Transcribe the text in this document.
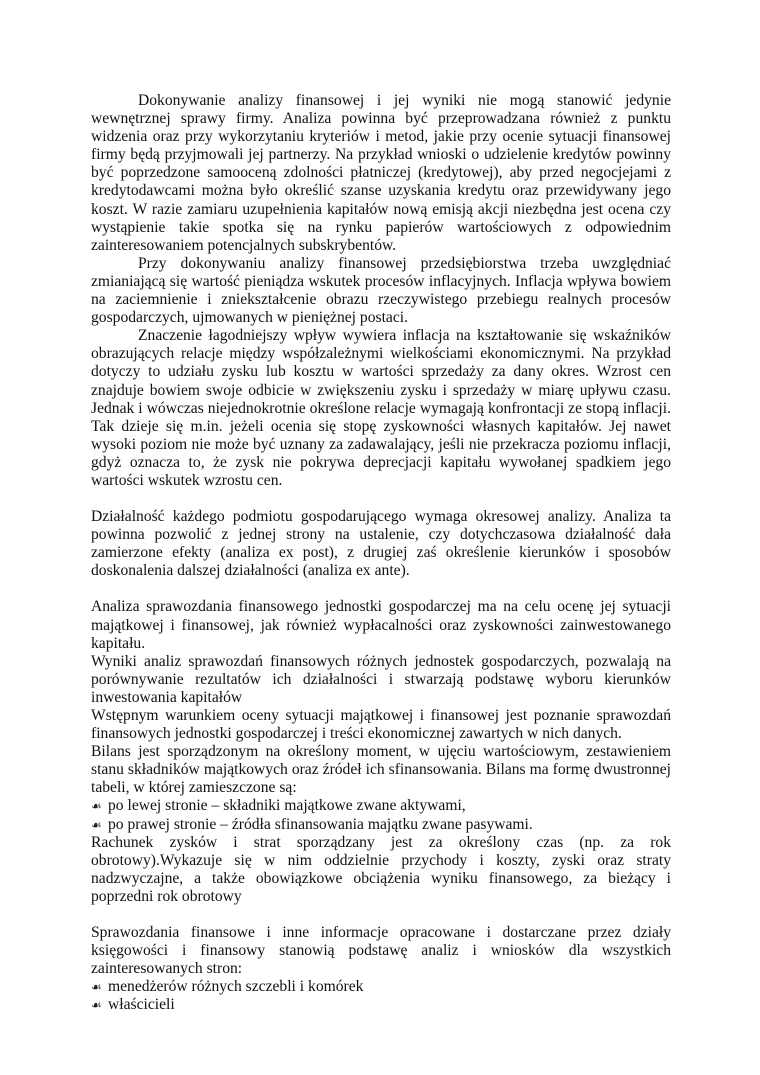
Dokonywanie analizy finansowej i jej wyniki nie mogą stanowić jedynie wewnętrznej sprawy firmy. Analiza powinna być przeprowadzana również z punktu widzenia oraz przy wykorzytaniu kryteriów i metod, jakie przy ocenie sytuacji finansowej firmy będą przyjmowali jej partnerzy. Na przykład wnioski o udzielenie kredytów powinny być poprzedzone samooceną zdolności płatniczej (kredytowej), aby przed negocjejami z kredytodawcami można było określić szanse uzyskania kredytu oraz przewidywany jego koszt. W razie zamiaru uzupełnienia kapitałów nową emisją akcji niezbędna jest ocena czy wystąpienie takie spotka się na rynku papierów wartościowych z odpowiednim zainteresowaniem potencjalnych subskrybentów.

Przy dokonywaniu analizy finansowej przedsiębiorstwa trzeba uwzględniać zmianiającą się wartość pieniądza wskutek procesów inflacyjnych. Inflacja wpływa bowiem na zaciemnienie i zniekształcenie obrazu rzeczywistego przebiegu realnych procesów gospodarczych, ujmowanych w pieniężnej postaci.

Znaczenie łagodniejszy wpływ wywiera inflacja na kształtowanie się wskaźników obrazujących relacje między współzależnymi wielkościami ekonomicznymi. Na przykład dotyczy to udziału zysku lub kosztu w wartości sprzedaży za dany okres. Wzrost cen znajduje bowiem swoje odbicie w zwiększeniu zysku i sprzedaży w miarę upływu czasu. Jednak i wówczas niejednokrotnie określone relacje wymagają konfrontacji ze stopą inflacji. Tak dzieje się m.in. jeżeli ocenia się stopę zyskowności własnych kapitałów. Jej nawet wysoki poziom nie może być uznany za zadawalający, jeśli nie przekracza poziomu inflacji, gdyż oznacza to, że zysk nie pokrywa deprecjacji kapitału wywołanej spadkiem jego wartości wskutek wzrostu cen.

Działalność każdego podmiotu gospodarującego wymaga okresowej analizy. Analiza ta powinna pozwolić z jednej strony na ustalenie, czy dotychczasowa działalność dała zamierzone efekty (analiza ex post), z drugiej zaś określenie kierunków i sposobów doskonalenia dalszej działalności (analiza ex ante).

Analiza sprawozdania finansowego jednostki gospodarczej ma na celu ocenę jej sytuacji majątkowej i finansowej, jak również wypłacalności oraz zyskowności zainwestowanego kapitału.

Wyniki analiz sprawozdań finansowych różnych jednostek gospodarczych, pozwalają na porównywanie rezultatów ich działalności i stwarzają podstawę wyboru kierunków inwestowania kapitałów

Wstępnym warunkiem oceny sytuacji majątkowej i finansowej jest poznanie sprawozdań finansowych jednostki gospodarczej i treści ekonomicznej zawartych w nich danych.

Bilans jest sporządzonym na określony moment, w ujęciu wartościowym, zestawieniem stanu składników majątkowych oraz źródeł ich sfinansowania. Bilans ma formę dwustronnej tabeli, w której zamieszczone są:

☙ po lewej stronie – składniki majątkowe zwane aktywami,
☙ po prawej stronie – źródła sfinansowania majątku zwane pasywami.

Rachunek zysków i strat sporządzany jest za określony czas (np. za rok obrotowy).Wykazuje się w nim oddzielnie przychody i koszty, zyski oraz straty nadzwyczajne, a także obowiązkowe obciążenia wyniku finansowego, za bieżący i poprzedni rok obrotowy

Sprawozdania finansowe i inne informacje opracowane i dostarczane przez działy księgowości i finansowy stanowią podstawę analiz i wniosków dla wszystkich zainteresowanych stron:

☙ menedżerów różnych szczebli i komórek
☙ właścicieli
